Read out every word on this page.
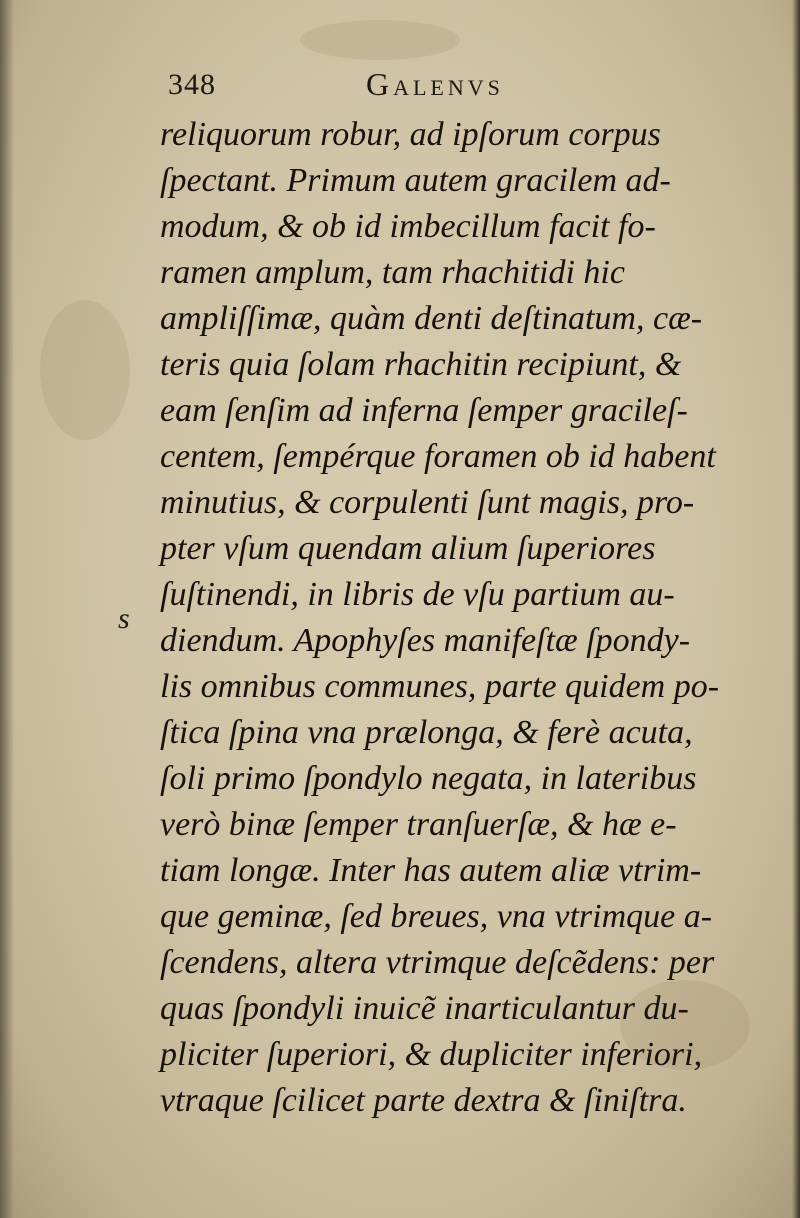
348	Galenvs
s
reliquorum robur, ad ipſorum corpus
ſpectant. Primum autem gracilem ad-
modum, & ob id imbecillum facit fo-
ramen amplum, tam rhachitidi hic
ampliſſimæ, quàm denti deſtinatum, cæ-
teris quia ſolam rhachitin recipiunt, &
eam ſenſim ad inferna ſemper gracileſ-
centem, ſempérque foramen ob id habent
minutius, & corpulenti ſunt magis, pro-
pter vſum quendam alium ſuperiores
ſuſtinendi, in libris de vſu partium au-
diendum. Apophyſes manifeſtæ ſpondy-
lis omnibus communes, parte quidem po-
ſtica ſpina vna prælonga, & ferè acuta,
ſoli primo ſpondylo negata, in lateribus
verò binæ ſemper tranſuerſæ, & hæ e-
tiam longæ. Inter has autem aliæ vtrim-
que geminæ, ſed breues, vna vtrimque a-
ſcendens, altera vtrimque deſcẽdens: per
quas ſpondyli inuicẽ inarticulantur du-
pliciter ſuperiori, & dupliciter inferiori,
vtraque ſcilicet parte dextra & ſiniſtra.
